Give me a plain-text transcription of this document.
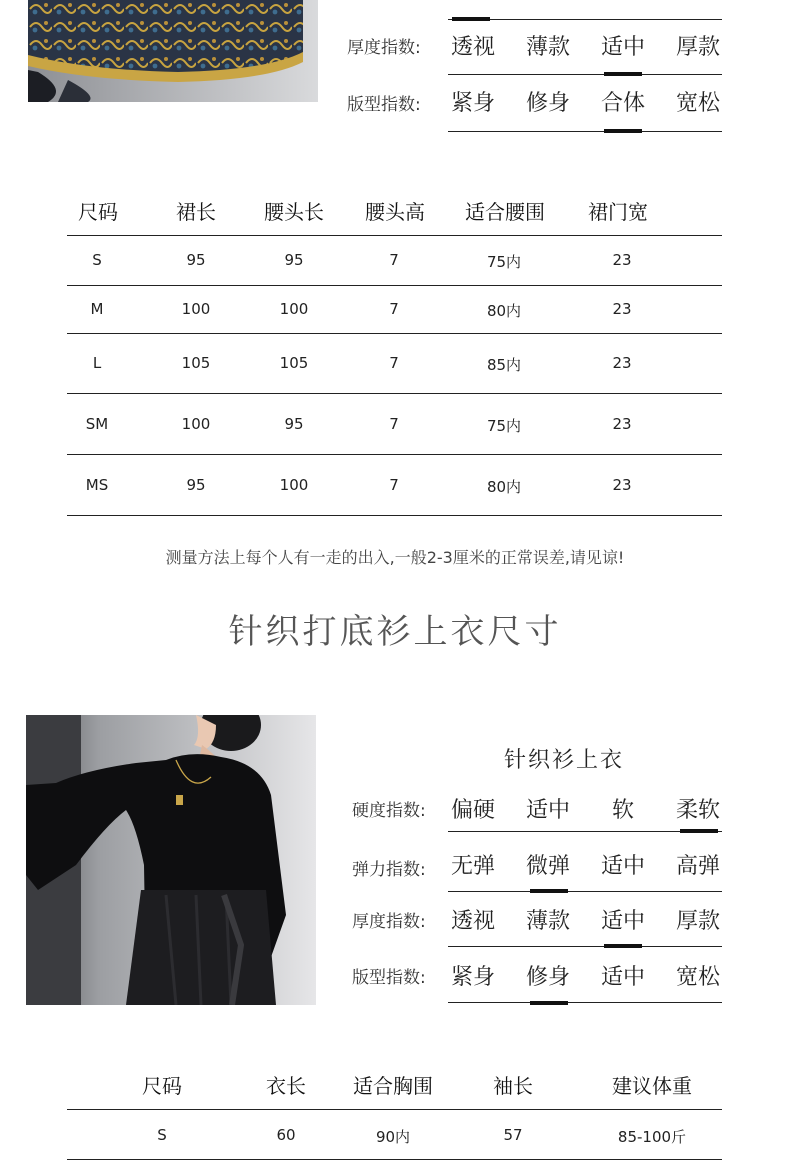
厚度指数:	透视	薄款	适中	厚款
版型指数:	紧身	修身	合体	宽松
尺码	裙长	腰头长	腰头高	适合腰围	裙门宽
S	95	95	7	75内	23
M	100	100	7	80内	23
L	105	105	7	85内	23
SM	100	95	7	75内	23
MS	95	100	7	80内	23
测量方法上每个人有一走的出入,一般2-3厘米的正常误差,请见谅!
针织打底衫上衣尺寸
针织衫上衣
硬度指数:	偏硬	适中	软	柔软
弹力指数:	无弹	微弹	适中	高弹
厚度指数:	透视	薄款	适中	厚款
版型指数:	紧身	修身	适中	宽松
尺码	衣长	适合胸围	袖长	建议体重
S	60	90内	57	85-100斤
